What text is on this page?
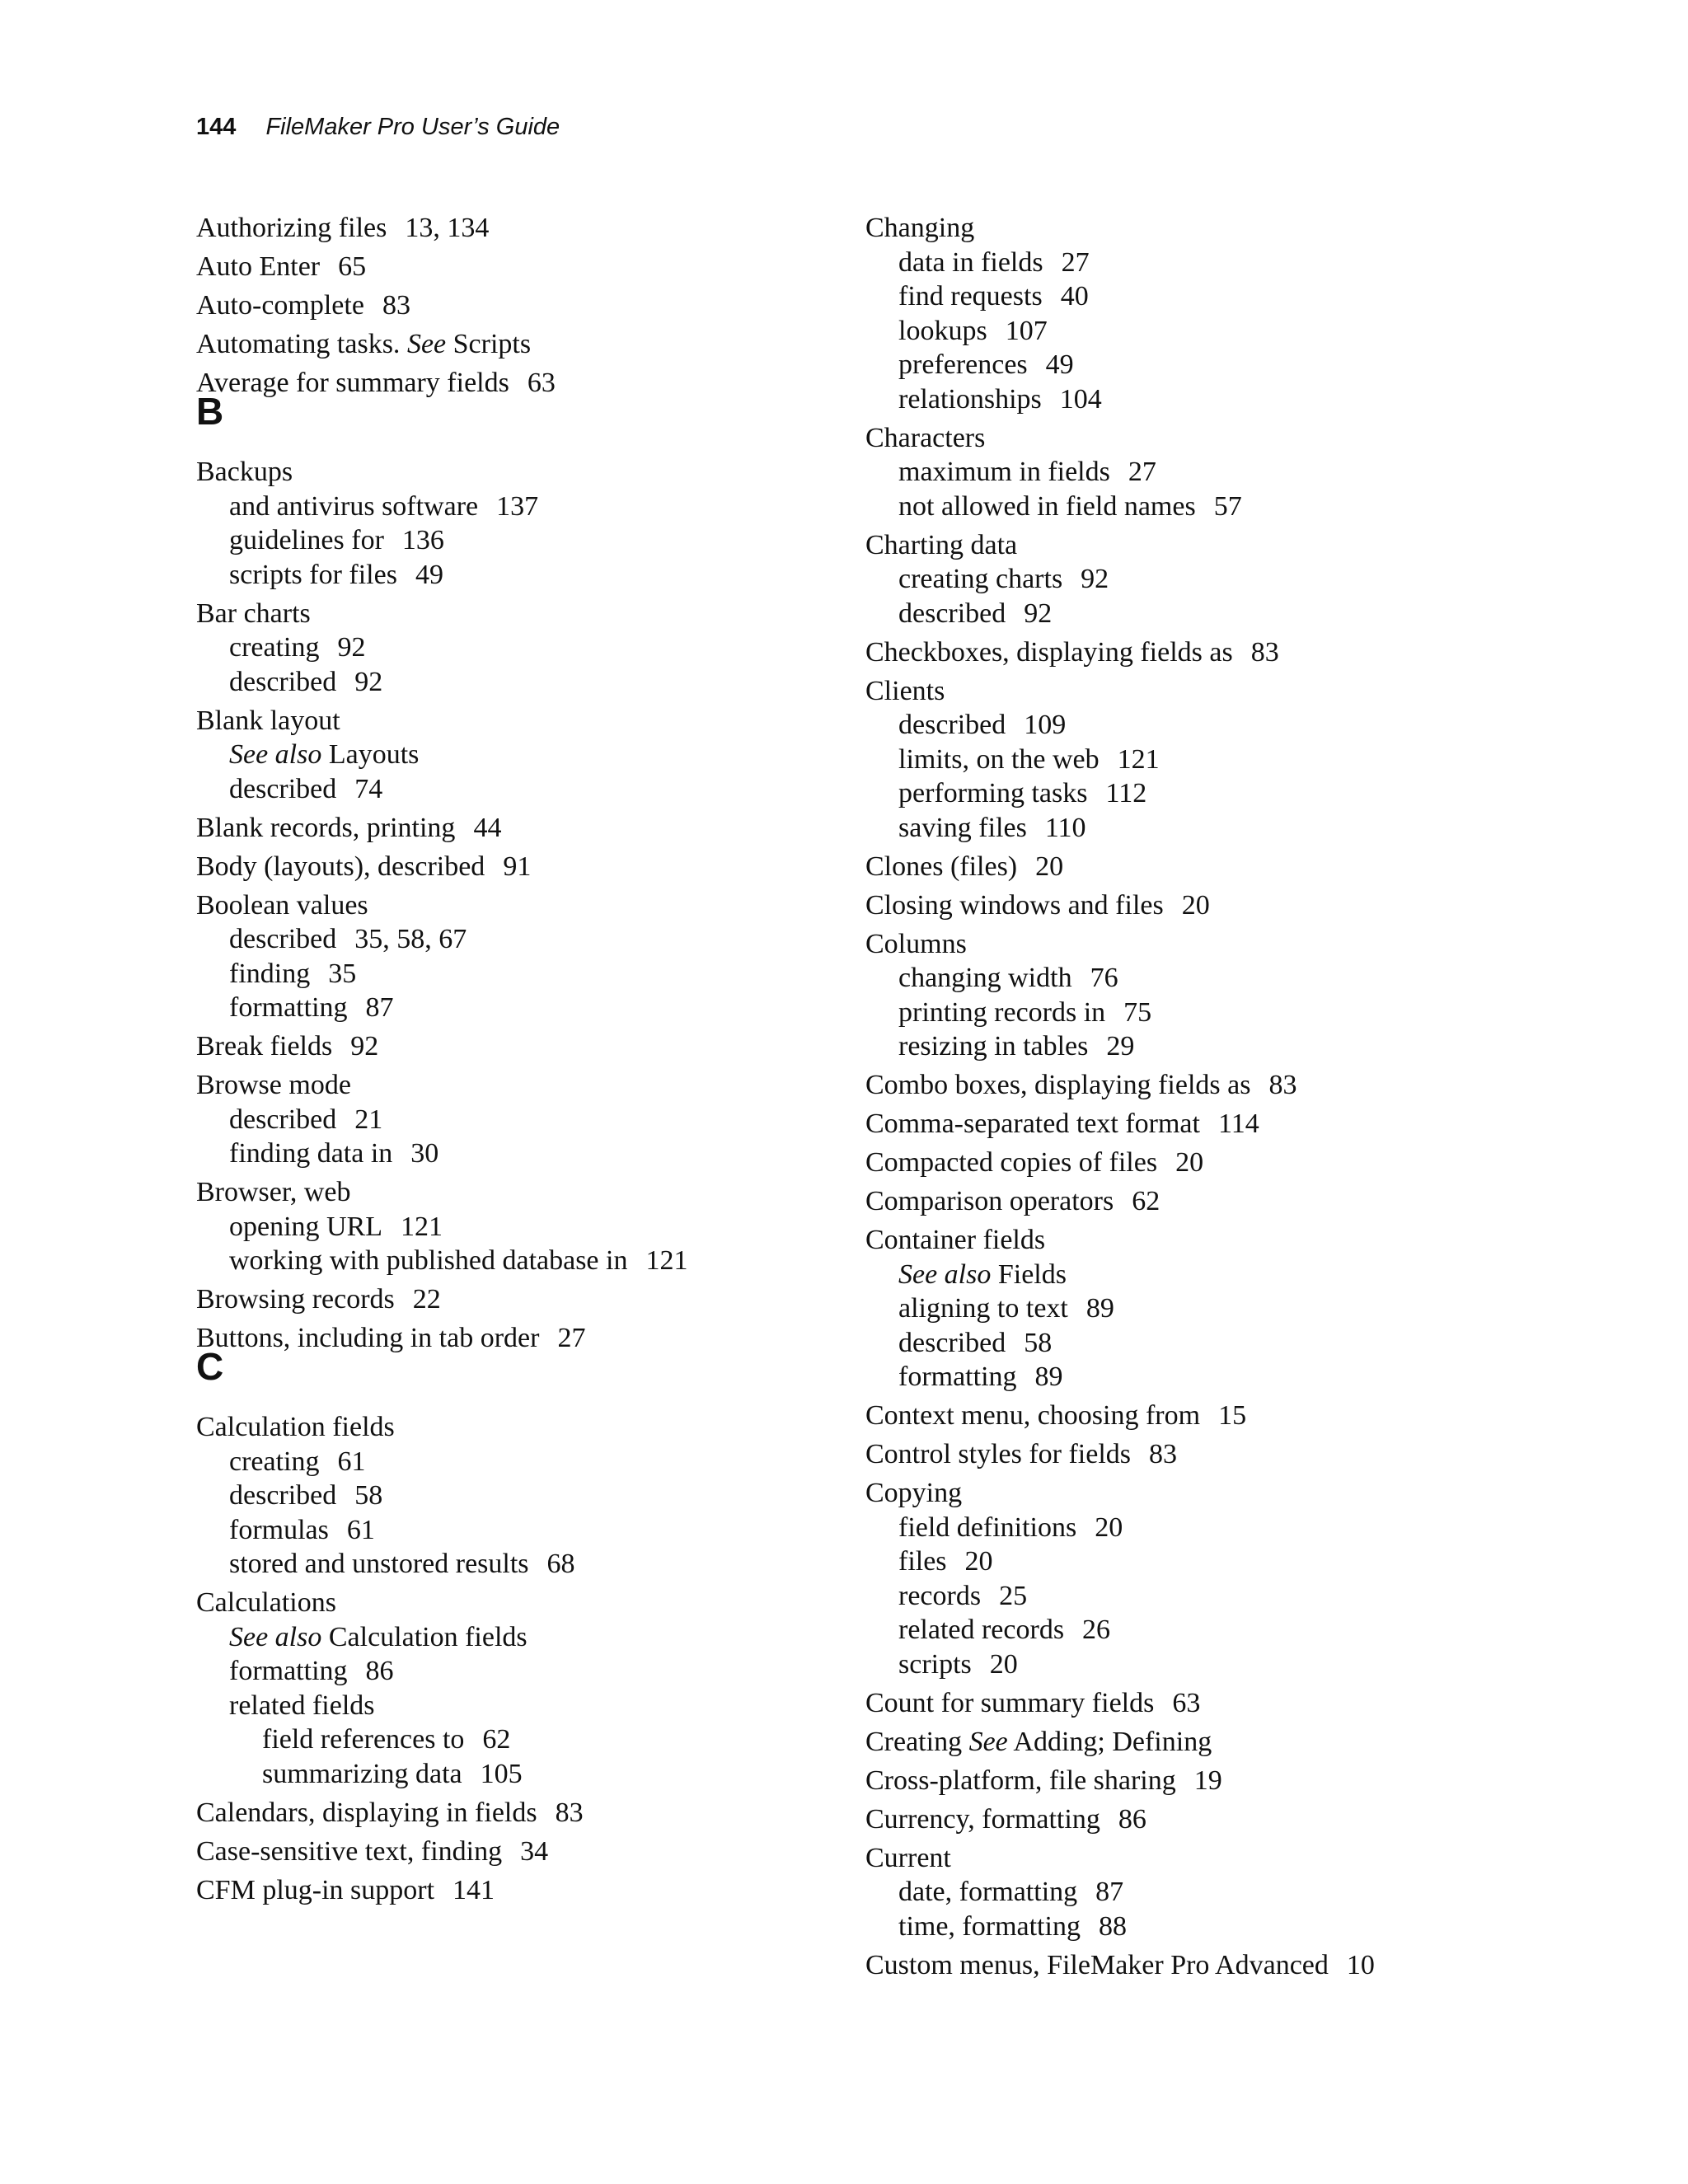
144 FileMaker Pro User’s Guide
Authorizing files 13, 134
Auto Enter 65
Auto-complete 83
Automating tasks. See Scripts
Average for summary fields 63
B
Backups
and antivirus software 137
guidelines for 136
scripts for files 49
Bar charts
creating 92
described 92
Blank layout
See also Layouts
described 74
Blank records, printing 44
Body (layouts), described 91
Boolean values
described 35, 58, 67
finding 35
formatting 87
Break fields 92
Browse mode
described 21
finding data in 30
Browser, web
opening URL 121
working with published database in 121
Browsing records 22
Buttons, including in tab order 27
C
Calculation fields
creating 61
described 58
formulas 61
stored and unstored results 68
Calculations
See also Calculation fields
formatting 86
related fields
field references to 62
summarizing data 105
Calendars, displaying in fields 83
Case-sensitive text, finding 34
CFM plug-in support 141
Changing
data in fields 27
find requests 40
lookups 107
preferences 49
relationships 104
Characters
maximum in fields 27
not allowed in field names 57
Charting data
creating charts 92
described 92
Checkboxes, displaying fields as 83
Clients
described 109
limits, on the web 121
performing tasks 112
saving files 110
Clones (files) 20
Closing windows and files 20
Columns
changing width 76
printing records in 75
resizing in tables 29
Combo boxes, displaying fields as 83
Comma-separated text format 114
Compacted copies of files 20
Comparison operators 62
Container fields
See also Fields
aligning to text 89
described 58
formatting 89
Context menu, choosing from 15
Control styles for fields 83
Copying
field definitions 20
files 20
records 25
related records 26
scripts 20
Count for summary fields 63
Creating See Adding; Defining
Cross-platform, file sharing 19
Currency, formatting 86
Current
date, formatting 87
time, formatting 88
Custom menus, FileMaker Pro Advanced 10
